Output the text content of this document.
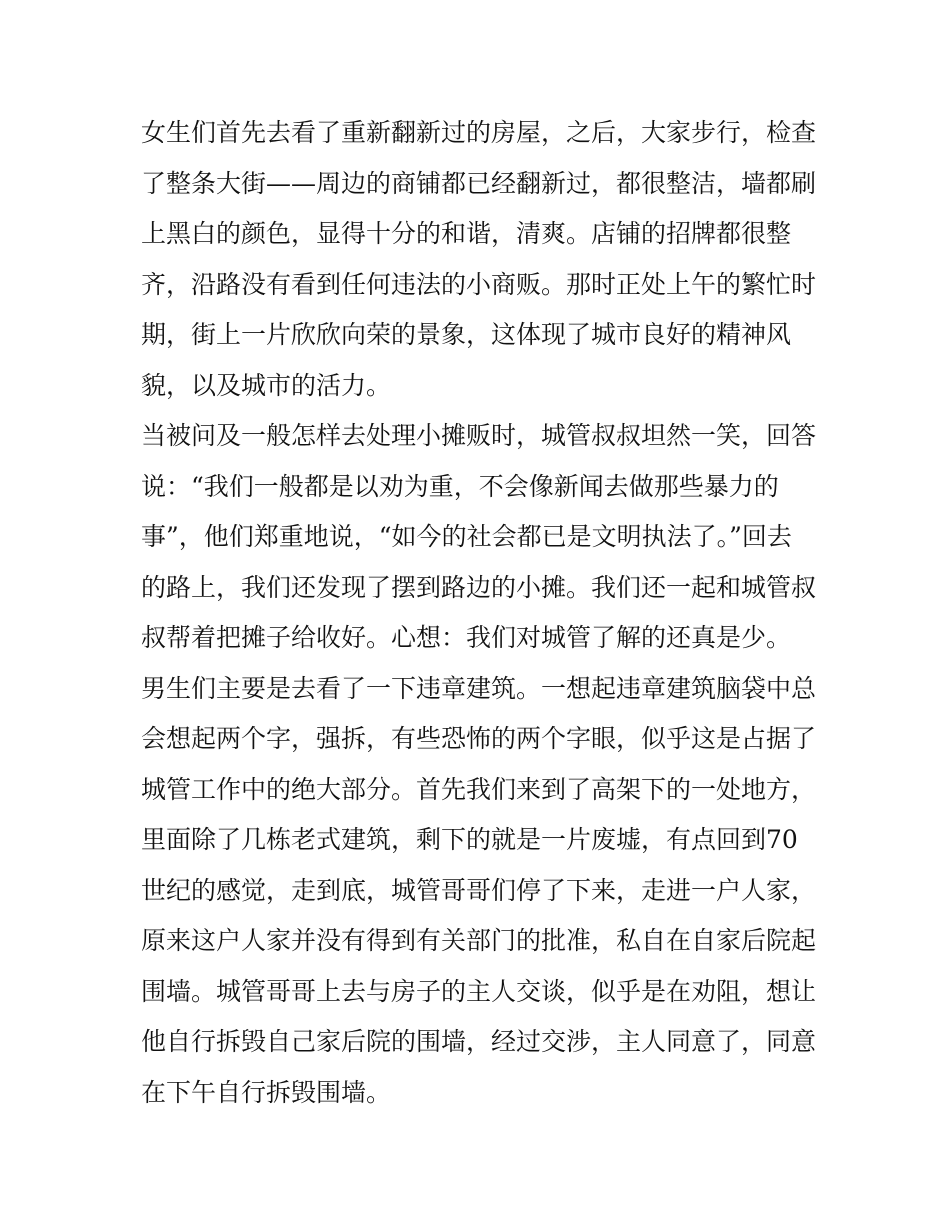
女生们首先去看了重新翻新过的房屋，之后，大家步行，检查
了整条大街——周边的商铺都已经翻新过，都很整洁，墙都刷
上黑白的颜色，显得十分的和谐，清爽。店铺的招牌都很整
齐，沿路没有看到任何违法的小商贩。那时正处上午的繁忙时
期，街上一片欣欣向荣的景象，这体现了城市良好的精神风
貌，以及城市的活力。
当被问及一般怎样去处理小摊贩时，城管叔叔坦然一笑，回答
说：“我们一般都是以劝为重，不会像新闻去做那些暴力的
事”，他们郑重地说，“如今的社会都已是文明执法了。”回去
的路上，我们还发现了摆到路边的小摊。我们还一起和城管叔
叔帮着把摊子给收好。心想：我们对城管了解的还真是少。
男生们主要是去看了一下违章建筑。一想起违章建筑脑袋中总
会想起两个字，强拆，有些恐怖的两个字眼，似乎这是占据了
城管工作中的绝大部分。首先我们来到了高架下的一处地方，
里面除了几栋老式建筑，剩下的就是一片废墟，有点回到70
世纪的感觉，走到底，城管哥哥们停了下来，走进一户人家，
原来这户人家并没有得到有关部门的批准，私自在自家后院起
围墙。城管哥哥上去与房子的主人交谈，似乎是在劝阻，想让
他自行拆毁自己家后院的围墙，经过交涉，主人同意了，同意
在下午自行拆毁围墙。
